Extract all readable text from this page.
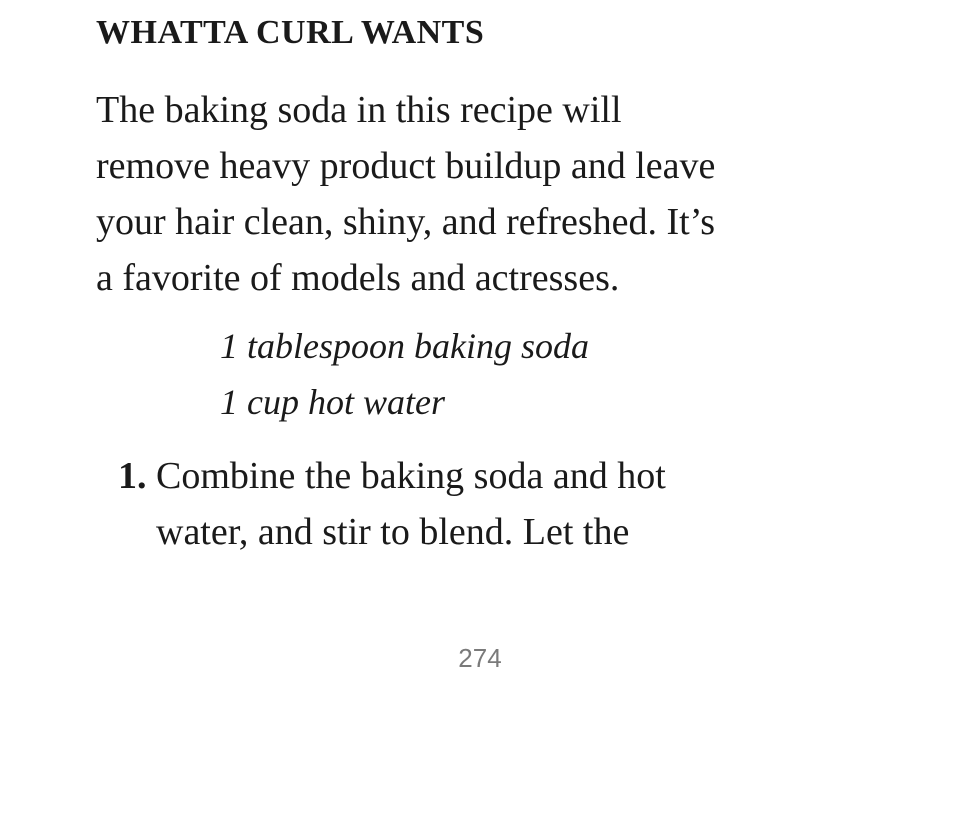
WHATTA CURL WANTS

The baking soda in this recipe will
remove heavy product buildup and leave
your hair clean, shiny, and refreshed. It’s
a favorite of models and actresses.

1 tablespoon baking soda
1 cup hot water

1. Combine the baking soda and hot
water, and stir to blend. Let the

274
